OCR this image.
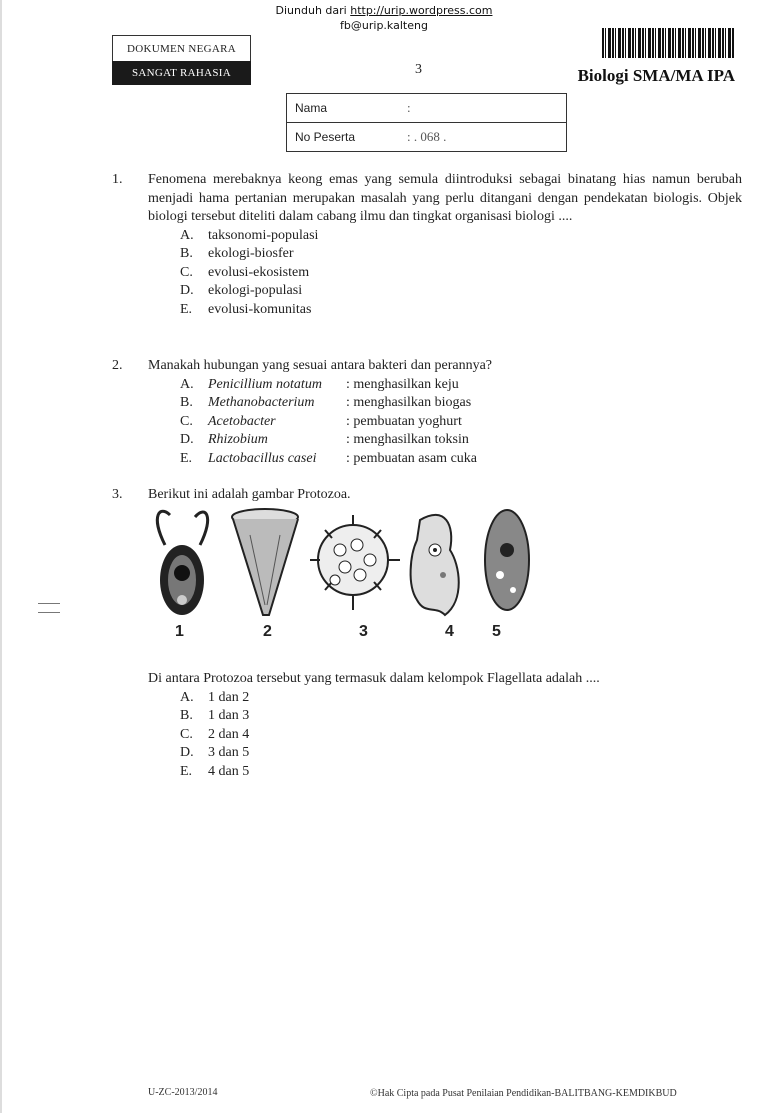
Diunduh dari http://urip.wordpress.com
fb@urip.kalteng
DOKUMEN NEGARA
SANGAT RAHASIA	3	Biologi SMA/MA IPA
Nama	:
No Peserta	: . 068 .
1. Fenomena merebaknya keong emas yang semula diintroduksi sebagai binatang hias namun berubah menjadi hama pertanian merupakan masalah yang perlu ditangani dengan pendekatan biologis. Objek biologi tersebut diteliti dalam cabang ilmu dan tingkat organisasi biologi ....
A.	taksonomi-populasi
B.	ekologi-biosfer
C.	evolusi-ekosistem
D.	ekologi-populasi
E.	evolusi-komunitas
2. Manakah hubungan yang sesuai antara bakteri dan perannya?
A.	Penicillium notatum	: menghasilkan keju
B.	Methanobacterium	: menghasilkan biogas
C.	Acetobacter	: pembuatan yoghurt
D.	Rhizobium	: menghasilkan toksin
E.	Lactobacillus casei	: pembuatan asam cuka
3. Berikut ini adalah gambar Protozoa.
1	2	3	4 5
Di antara Protozoa tersebut yang termasuk dalam kelompok Flagellata adalah ....
A.	1 dan 2
B.	1 dan 3
C.	2 dan 4
D.	3 dan 5
E.	4 dan 5
U-ZC-2013/2014	©Hak Cipta pada Pusat Penilaian Pendidikan-BALITBANG-KEMDIKBUD
